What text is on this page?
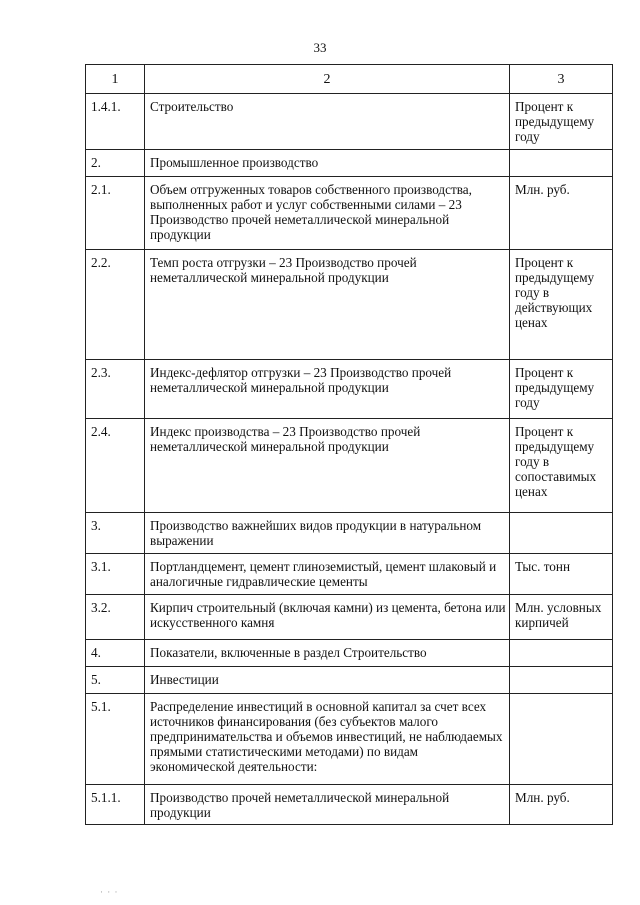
33
1	2	3
1.4.1.	Строительство	Процент к предыдущему году
2.	Промышленное производство	
2.1.	Объем отгруженных товаров собственного производства, выполненных работ и услуг собственными силами – 23 Производство прочей неметаллической минеральной продукции	Млн. руб.
2.2.	Темп роста отгрузки – 23 Производство прочей неметаллической минеральной продукции	Процент к предыдущему году в действующих ценах
2.3.	Индекс-дефлятор отгрузки – 23 Производство прочей неметаллической минеральной продукции	Процент к предыдущему году
2.4.	Индекс производства – 23 Производство прочей неметаллической минеральной продукции	Процент к предыдущему году в сопоставимых ценах
3.	Производство важнейших видов продукции в натуральном выражении	
3.1.	Портландцемент, цемент глиноземистый, цемент шлаковый и аналогичные гидравлические цементы	Тыс. тонн
3.2.	Кирпич строительный (включая камни) из цемента, бетона или искусственного камня	Млн. условных кирпичей
4.	Показатели, включенные в раздел Строительство	
5.	Инвестиции	
5.1.	Распределение инвестиций в основной капитал за счет всех источников финансирования (без субъектов малого предпринимательства и объемов инвестиций, не наблюдаемых прямыми статистическими методами) по видам экономической деятельности:	
5.1.1.	Производство прочей неметаллической минеральной продукции	Млн. руб.
· · ·
